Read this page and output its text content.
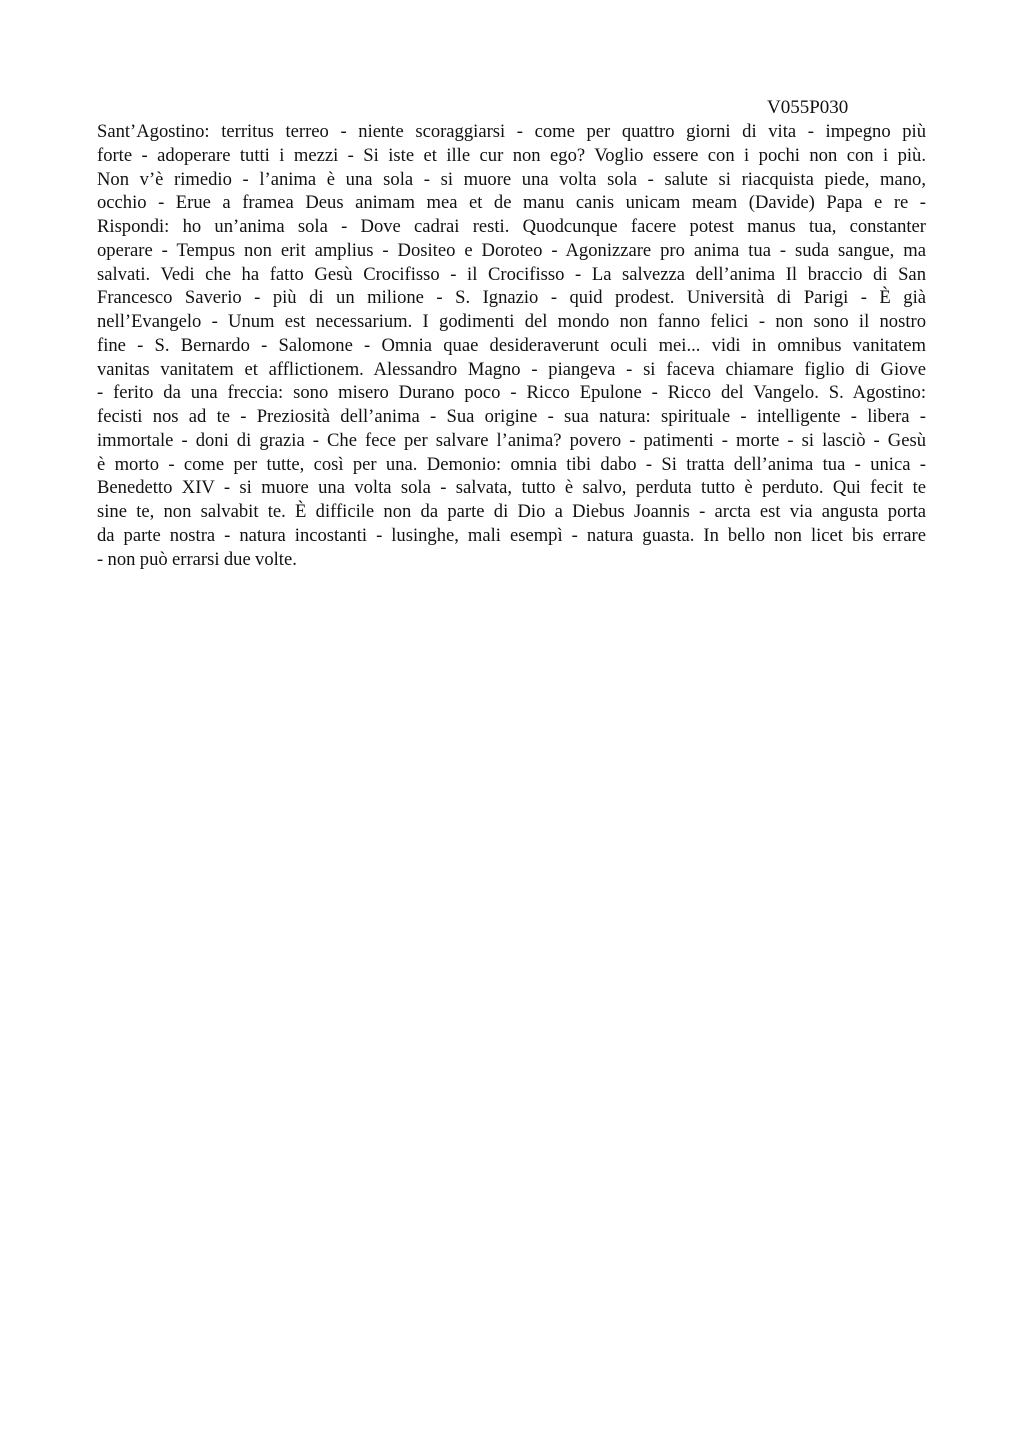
V055P030

Sant’Agostino: territus terreo - niente scoraggiarsi - come per quattro giorni di vita - impegno più
forte - adoperare tutti i mezzi - Si iste et ille cur non ego? Voglio essere con i pochi non con i più.
Non v’è rimedio - l’anima è una sola - si muore una volta sola - salute si riacquista piede, mano,
occhio - Erue a framea Deus animam mea et de manu canis unicam meam (Davide) Papa e re -
Rispondi: ho un’anima sola - Dove cadrai resti. Quodcunque facere potest manus tua, constanter
operare - Tempus non erit amplius - Dositeo e Doroteo - Agonizzare pro anima tua - suda sangue, ma
salvati. Vedi che ha fatto Gesù Crocifisso - il Crocifisso - La salvezza dell’anima Il braccio di San
Francesco Saverio - più di un milione - S. Ignazio - quid prodest. Università di Parigi - È già
nell’Evangelo - Unum est necessarium. I godimenti del mondo non fanno felici - non sono il nostro
fine - S. Bernardo - Salomone - Omnia quae desideraverunt oculi mei... vidi in omnibus vanitatem
vanitas vanitatem et afflictionem. Alessandro Magno - piangeva - si faceva chiamare figlio di Giove
- ferito da una freccia: sono misero Durano poco - Ricco Epulone - Ricco del Vangelo. S. Agostino:
fecisti nos ad te - Preziosità dell’anima - Sua origine - sua natura: spirituale - intelligente - libera -
immortale - doni di grazia - Che fece per salvare l’anima? povero - patimenti - morte - si lasciò - Gesù
è morto - come per tutte, così per una. Demonio: omnia tibi dabo - Si tratta dell’anima tua - unica -
Benedetto XIV - si muore una volta sola - salvata, tutto è salvo, perduta tutto è perduto. Qui fecit te
sine te, non salvabit te. È difficile non da parte di Dio a Diebus Joannis - arcta est via angusta porta
da parte nostra - natura incostanti - lusinghe, mali esempì - natura guasta. In bello non licet bis errare
- non può errarsi due volte.
